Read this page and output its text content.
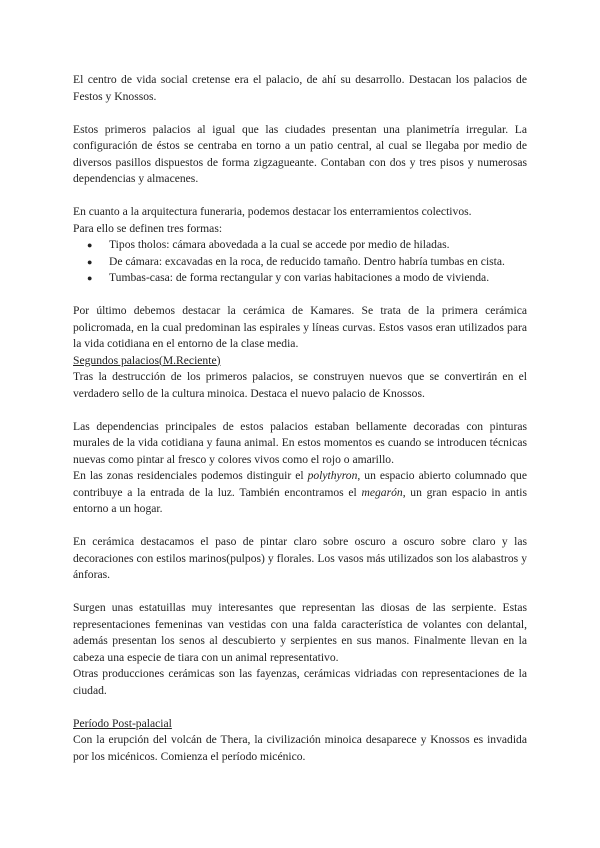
El centro de vida social cretense era el palacio, de ahí su desarrollo. Destacan los palacios de Festos y Knossos.

Estos primeros palacios al igual que las ciudades presentan una planimetría irregular. La configuración de éstos se centraba en torno a un patio central, al cual se llegaba por medio de diversos pasillos dispuestos de forma zigzagueante. Contaban con dos y tres pisos y numerosas dependencias y almacenes.

En cuanto a la arquitectura funeraria, podemos destacar los enterramientos colectivos.

Para ello se definen tres formas:

● Tipos tholos: cámara abovedada a la cual se accede por medio de hiladas.
● De cámara: excavadas en la roca, de reducido tamaño. Dentro habría tumbas en cista.
● Tumbas-casa: de forma rectangular y con varias habitaciones a modo de vivienda.

Por último debemos destacar la cerámica de Kamares. Se trata de la primera cerámica policromada, en la cual predominan las espirales y líneas curvas. Estos vasos eran utilizados para la vida cotidiana en el entorno de la clase media.

Segundos palacios(M.Reciente)

Tras la destrucción de los primeros palacios, se construyen nuevos que se convertirán en el verdadero sello de la cultura minoica. Destaca el nuevo palacio de Knossos.

Las dependencias principales de estos palacios estaban bellamente decoradas con pinturas murales de la vida cotidiana y fauna animal. En estos momentos es cuando se introducen técnicas nuevas como pintar al fresco y colores vivos como el rojo o amarillo.

En las zonas residenciales podemos distinguir el polythyron, un espacio abierto columnado que contribuye a la entrada de la luz. También encontramos el megarón, un gran espacio in antis entorno a un hogar.

En cerámica destacamos el paso de pintar claro sobre oscuro a oscuro sobre claro y las decoraciones con estilos marinos(pulpos) y florales. Los vasos más utilizados son los alabastros y ánforas.

Surgen unas estatuillas muy interesantes que representan las diosas de las serpiente. Estas representaciones femeninas van vestidas con una falda característica de volantes con delantal, además presentan los senos al descubierto y serpientes en sus manos. Finalmente llevan en la cabeza una especie de tiara con un animal representativo.

Otras producciones cerámicas son las fayenzas, cerámicas vidriadas con representaciones de la ciudad.

Período Post-palacial

Con la erupción del volcán de Thera, la civilización minoica desaparece y Knossos es invadida por los micénicos. Comienza el período micénico.
